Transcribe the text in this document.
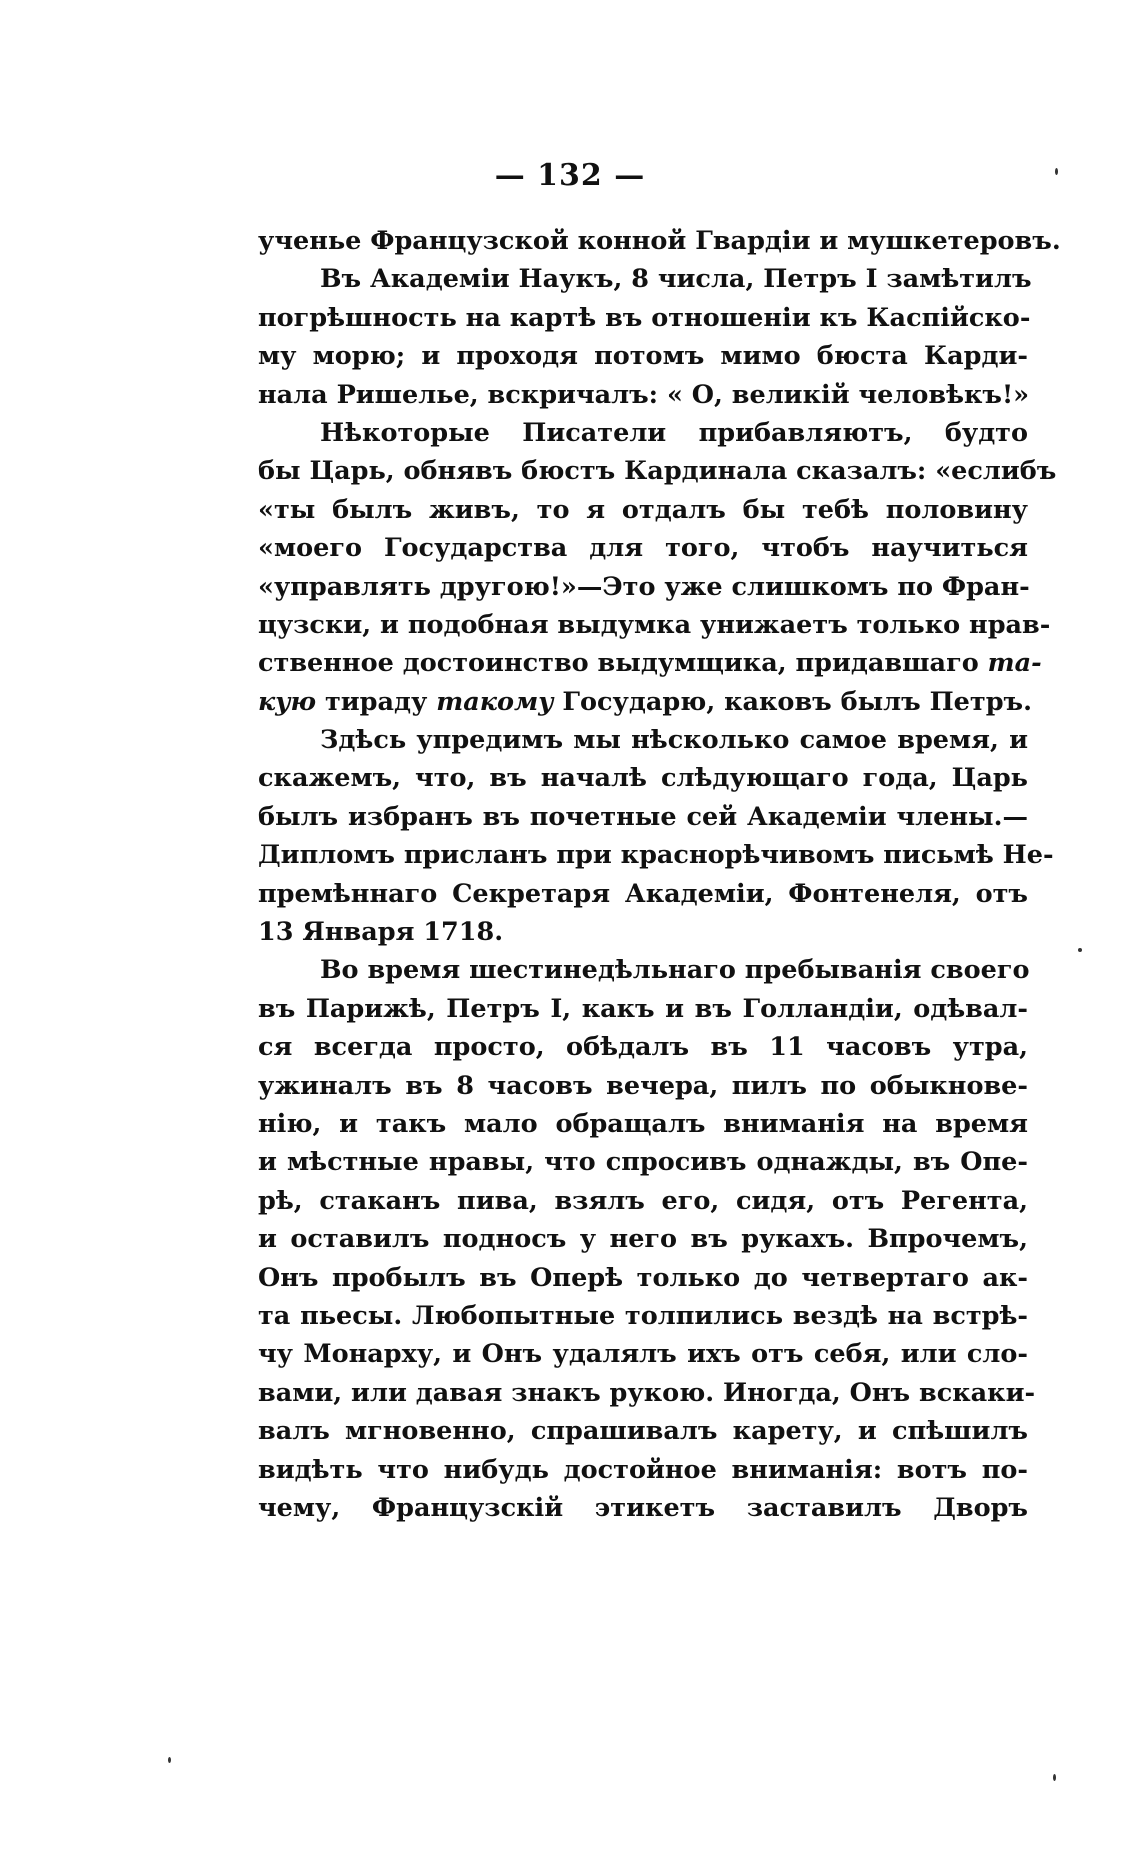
— 132 —
ученье Французской конной Гвардіи и мушкетеровъ.
Въ Академіи Наукъ, 8 числа, Петръ I замѣтилъ
погрѣшность на картѣ въ отношеніи къ Каспійско-
му морю; и проходя потомъ мимо бюста Карди-
нала Ришелье, вскричалъ: « О, великій человѣкъ!»
Нѣкоторые Писатели прибавляютъ, будто
бы Царь, обнявъ бюстъ Кардинала сказалъ: «еслибъ
«ты былъ живъ, то я отдалъ бы тебѣ половину
«моего Государства для того, чтобъ научиться
«управлять другою!»—Это уже слишкомъ по Фран-
цузски, и подобная выдумка унижаетъ только нрав-
ственное достоинство выдумщика, придавшаго та-
кую тираду такому Государю, каковъ былъ Петръ.
Здѣсь упредимъ мы нѣсколько самое время, и
скажемъ, что, въ началѣ слѣдующаго года, Царь
былъ избранъ въ почетные сей Академіи члены.—
Дипломъ присланъ при краснорѣчивомъ письмѣ Не-
премѣннаго Секретаря Академіи, Фонтенеля, отъ
13 Января 1718.
Во время шестинедѣльнаго пребыванія своего
въ Парижѣ, Петръ I, какъ и въ Голландіи, одѣвал-
ся всегда просто, обѣдалъ въ 11 часовъ утра,
ужиналъ въ 8 часовъ вечера, пилъ по обыкнове-
нію, и такъ мало обращалъ вниманія на время
и мѣстные нравы, что спросивъ однажды, въ Опе-
рѣ, стаканъ пива, взялъ его, сидя, отъ Регента,
и оставилъ подносъ у него въ рукахъ. Впрочемъ,
Онъ пробылъ въ Оперѣ только до четвертаго ак-
та пьесы. Любопытные толпились вездѣ на встрѣ-
чу Монарху, и Онъ удалялъ ихъ отъ себя, или сло-
вами, или давая знакъ рукою. Иногда, Онъ вскаки-
валъ мгновенно, спрашивалъ карету, и спѣшилъ
видѣть что нибудь достойное вниманія: вотъ по-
чему, Французскій этикетъ заставилъ Дворъ
